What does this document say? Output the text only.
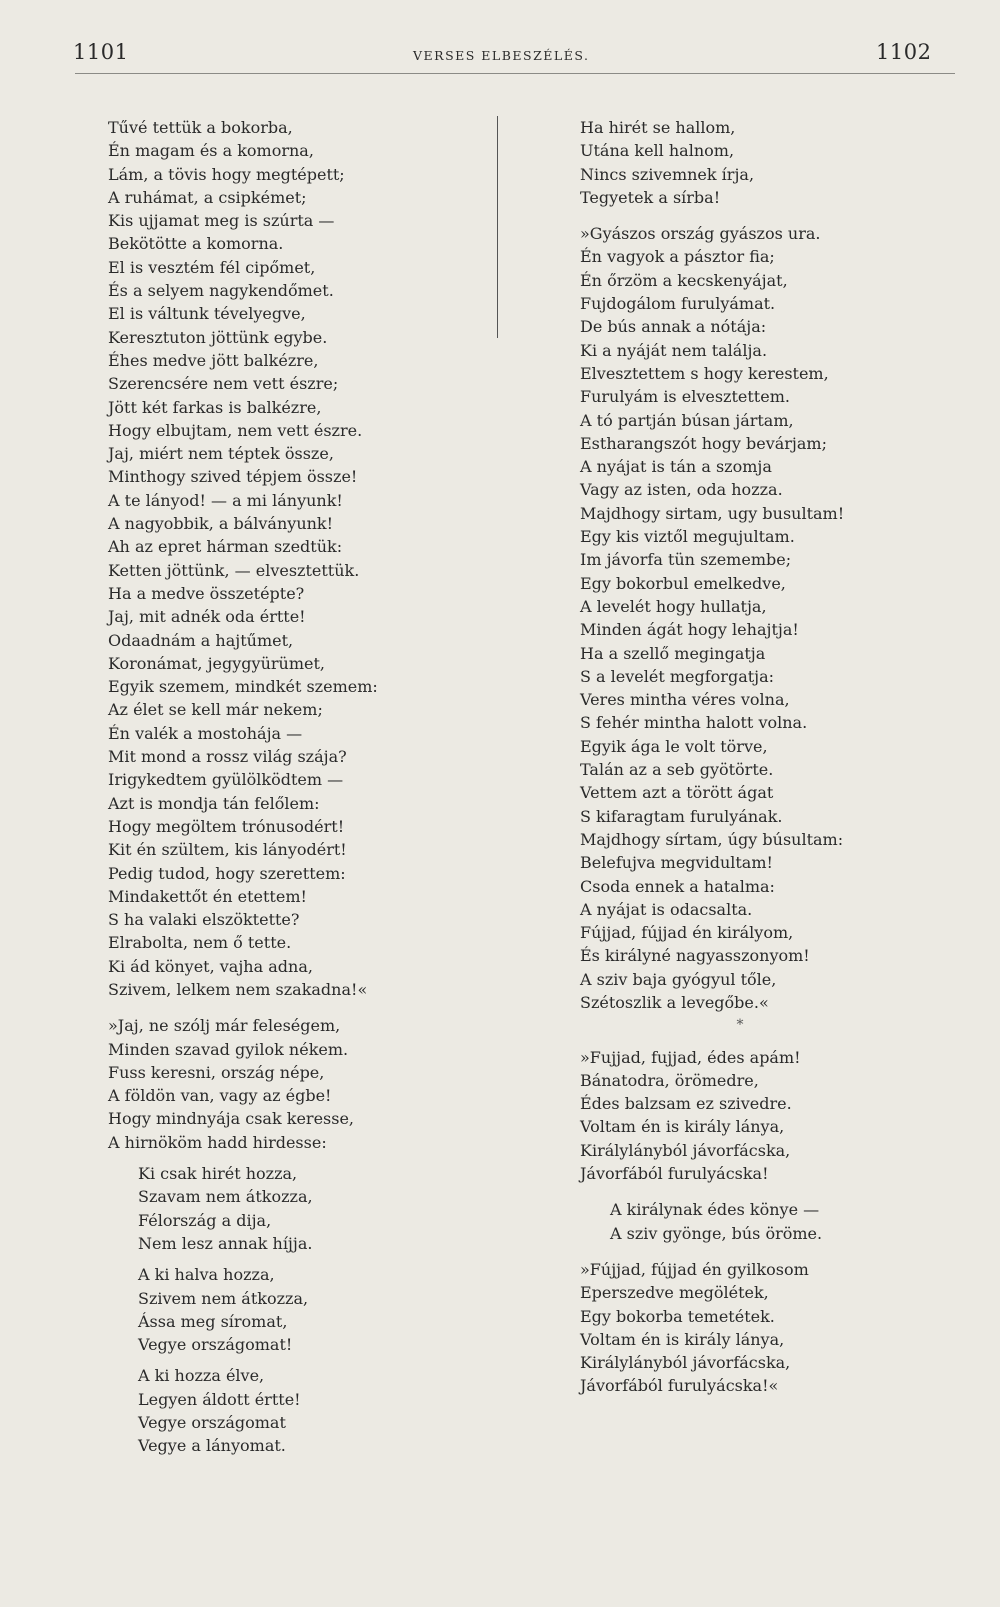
1101	VERSES ELBESZÉLÉS.	1102
Tűvé tettük a bokorba,
Én magam és a komorna,
Lám, a tövis hogy megtépett;
A ruhámat, a csipkémet;
Kis ujjamat meg is szúrta —
Bekötötte a komorna.
El is vesztém fél cipőmet,
És a selyem nagykendőmet.
El is váltunk tévelyegve,
Keresztuton jöttünk egybe.
Éhes medve jött balkézre,
Szerencsére nem vett észre;
Jött két farkas is balkézre,
Hogy elbujtam, nem vett észre.
Jaj, miért nem téptek össze,
Minthogy szived tépjem össze!
A te lányod! — a mi lányunk!
A nagyobbik, a bálványunk!
Ah az epret hárman szedtük:
Ketten jöttünk, — elvesztettük.
Ha a medve összetépte?
Jaj, mit adnék oda értte!
Odaadnám a hajtűmet,
Koronámat, jegygyürümet,
Egyik szemem, mindkét szemem:
Az élet se kell már nekem;
Én valék a mostohája —
Mit mond a rossz világ szája?
Irigykedtem gyülölködtem —
Azt is mondja tán felőlem:
Hogy megöltem trónusodért!
Kit én szültem, kis lányodért!
Pedig tudod, hogy szerettem:
Mindakettőt én etettem!
S ha valaki elszöktette?
Elrabolta, nem ő tette.
Ki ád könyet, vajha adna,
Szivem, lelkem nem szakadna!«
»Jaj, ne szólj már feleségem,
Minden szavad gyilok nékem.
Fuss keresni, ország népe,
A földön van, vagy az égbe!
Hogy mindnyája csak keresse,
A hirnököm hadd hirdesse:
Ki csak hirét hozza,
Szavam nem átkozza,
Félország a dija,
Nem lesz annak híjja.
A ki halva hozza,
Szivem nem átkozza,
Ássa meg síromat,
Vegye országomat!
A ki hozza élve,
Legyen áldott értte!
Vegye országomat
Vegye a lányomat.
Ha hirét se hallom,
Utána kell halnom,
Nincs szivemnek írja,
Tegyetek a sírba!
»Gyászos ország gyászos ura.
Én vagyok a pásztor fia;
Én őrzöm a kecskenyájat,
Fujdogálom furulyámat.
De bús annak a nótája:
Ki a nyáját nem találja.
Elvesztettem s hogy kerestem,
Furulyám is elvesztettem.
A tó partján búsan jártam,
Estharangszót hogy bevárjam;
A nyájat is tán a szomja
Vagy az isten, oda hozza.
Majdhogy sirtam, ugy busultam!
Egy kis viztől megujultam.
Im jávorfa tün szemembe;
Egy bokorbul emelkedve,
A levelét hogy hullatja,
Minden ágát hogy lehajtja!
Ha a szellő megingatja
S a levelét megforgatja:
Veres mintha véres volna,
S fehér mintha halott volna.
Egyik ága le volt törve,
Talán az a seb gyötörte.
Vettem azt a törött ágat
S kifaragtam furulyának.
Majdhogy sírtam, úgy búsultam:
Belefujva megvidultam!
Csoda ennek a hatalma:
A nyájat is odacsalta.
Fújjad, fújjad én királyom,
És királyné nagyasszonyom!
A sziv baja gyógyul tőle,
Szétoszlik a levegőbe.«
*
»Fujjad, fujjad, édes apám!
Bánatodra, örömedre,
Édes balzsam ez szivedre.
Voltam én is király lánya,
Királylányból jávorfácska,
Jávorfából furulyácska!
A királynak édes könye —
A sziv gyönge, bús öröme.
»Fújjad, fújjad én gyilkosom
Eperszedve megölétek,
Egy bokorba temetétek.
Voltam én is király lánya,
Királylányból jávorfácska,
Jávorfából furulyácska!«
